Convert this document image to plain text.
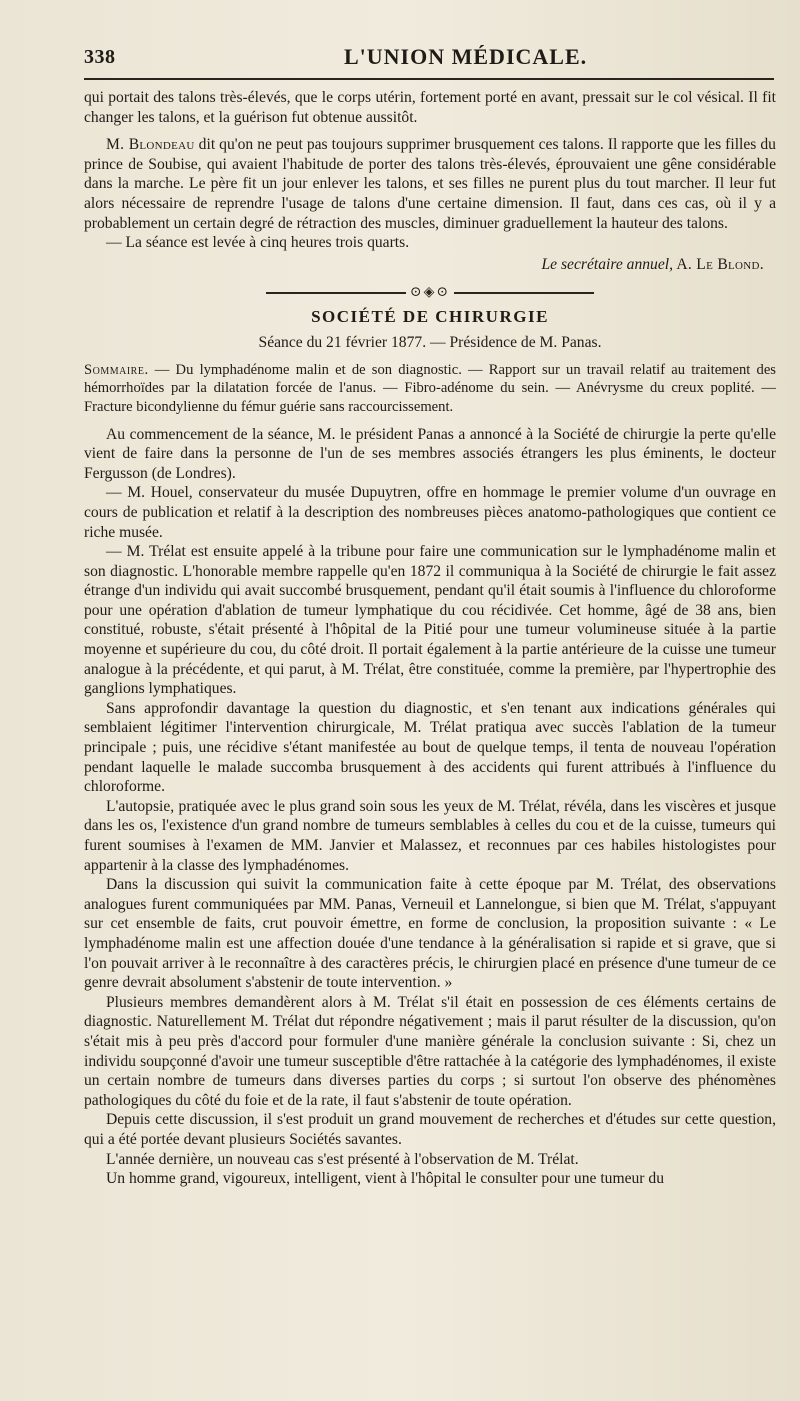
338	L'UNION MÉDICALE.

qui portait des talons très-élevés, que le corps utérin, fortement porté en avant, pressait sur le col vésical. Il fit changer les talons, et la guérison fut obtenue aussitôt.

M. Blondeau dit qu'on ne peut pas toujours supprimer brusquement ces talons. Il rapporte que les filles du prince de Soubise, qui avaient l'habitude de porter des talons très-élevés, éprouvaient une gêne considérable dans la marche. Le père fit un jour enlever les talons, et ses filles ne purent plus du tout marcher. Il leur fut alors nécessaire de reprendre l'usage de talons d'une certaine dimension. Il faut, dans ces cas, où il y a probablement un certain degré de rétraction des muscles, diminuer graduellement la hauteur des talons.

— La séance est levée à cinq heures trois quarts.

Le secrétaire annuel, A. Le Blond.
⊙◈⊙
SOCIÉTÉ DE CHIRURGIE
Séance du 21 février 1877. — Présidence de M. Panas.

Sommaire. — Du lymphadénome malin et de son diagnostic. — Rapport sur un travail relatif au traitement des hémorrhoïdes par la dilatation forcée de l'anus. — Fibro-adénome du sein. — Anévrysme du creux poplité. — Fracture bicondylienne du fémur guérie sans raccourcissement.

Au commencement de la séance, M. le président Panas a annoncé à la Société de chirurgie la perte qu'elle vient de faire dans la personne de l'un de ses membres associés étrangers les plus éminents, le docteur Fergusson (de Londres).

— M. Houel, conservateur du musée Dupuytren, offre en hommage le premier volume d'un ouvrage en cours de publication et relatif à la description des nombreuses pièces anatomo-pathologiques que contient ce riche musée.

— M. Trélat est ensuite appelé à la tribune pour faire une communication sur le lymphadénome malin et son diagnostic. L'honorable membre rappelle qu'en 1872 il communiqua à la Société de chirurgie le fait assez étrange d'un individu qui avait succombé brusquement, pendant qu'il était soumis à l'influence du chloroforme pour une opération d'ablation de tumeur lymphatique du cou récidivée. Cet homme, âgé de 38 ans, bien constitué, robuste, s'était présenté à l'hôpital de la Pitié pour une tumeur volumineuse située à la partie moyenne et supérieure du cou, du côté droit. Il portait également à la partie antérieure de la cuisse une tumeur analogue à la précédente, et qui parut, à M. Trélat, être constituée, comme la première, par l'hypertrophie des ganglions lymphatiques.

Sans approfondir davantage la question du diagnostic, et s'en tenant aux indications générales qui semblaient légitimer l'intervention chirurgicale, M. Trélat pratiqua avec succès l'ablation de la tumeur principale ; puis, une récidive s'étant manifestée au bout de quelque temps, il tenta de nouveau l'opération pendant laquelle le malade succomba brusquement à des accidents qui furent attribués à l'influence du chloroforme.

L'autopsie, pratiquée avec le plus grand soin sous les yeux de M. Trélat, révéla, dans les viscères et jusque dans les os, l'existence d'un grand nombre de tumeurs semblables à celles du cou et de la cuisse, tumeurs qui furent soumises à l'examen de MM. Janvier et Malassez, et reconnues par ces habiles histologistes pour appartenir à la classe des lymphadénomes.

Dans la discussion qui suivit la communication faite à cette époque par M. Trélat, des observations analogues furent communiquées par MM. Panas, Verneuil et Lannelongue, si bien que M. Trélat, s'appuyant sur cet ensemble de faits, crut pouvoir émettre, en forme de conclusion, la proposition suivante : « Le lymphadénome malin est une affection douée d'une tendance à la généralisation si rapide et si grave, que si l'on pouvait arriver à le reconnaître à des caractères précis, le chirurgien placé en présence d'une tumeur de ce genre devrait absolument s'abstenir de toute intervention. »

Plusieurs membres demandèrent alors à M. Trélat s'il était en possession de ces éléments certains de diagnostic. Naturellement M. Trélat dut répondre négativement ; mais il parut résulter de la discussion, qu'on s'était mis à peu près d'accord pour formuler d'une manière générale la conclusion suivante : Si, chez un individu soupçonné d'avoir une tumeur susceptible d'être rattachée à la catégorie des lymphadénomes, il existe un certain nombre de tumeurs dans diverses parties du corps ; si surtout l'on observe des phénomènes pathologiques du côté du foie et de la rate, il faut s'abstenir de toute opération.

Depuis cette discussion, il s'est produit un grand mouvement de recherches et d'études sur cette question, qui a été portée devant plusieurs Sociétés savantes.

L'année dernière, un nouveau cas s'est présenté à l'observation de M. Trélat.

Un homme grand, vigoureux, intelligent, vient à l'hôpital le consulter pour une tumeur du
